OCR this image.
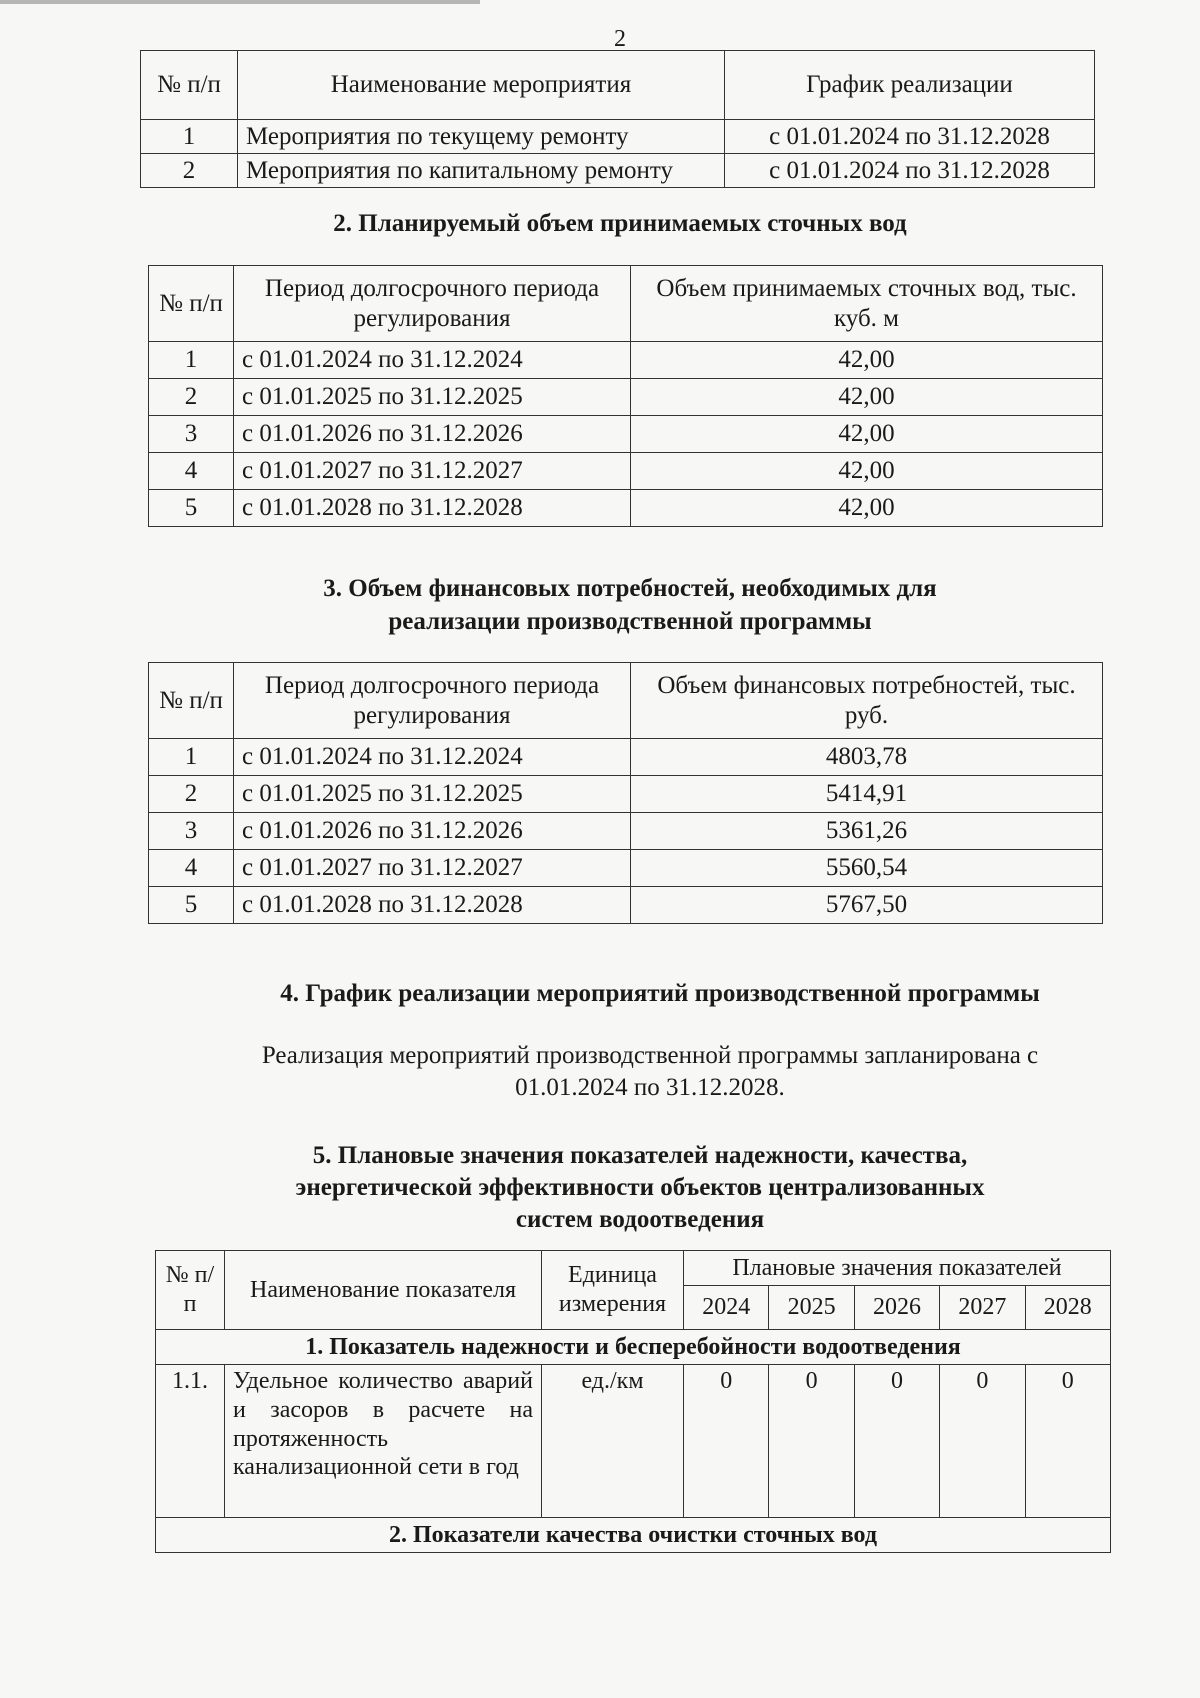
2
№ п/п	Наименование мероприятия	График реализации
1	Мероприятия по текущему ремонту	с 01.01.2024 по 31.12.2028
2	Мероприятия по капитальному ремонту	с 01.01.2024 по 31.12.2028
2. Планируемый объем принимаемых сточных вод
№ п/п	Период долгосрочного периода регулирования	Объем принимаемых сточных вод, тыс. куб. м
1	с 01.01.2024 по 31.12.2024	42,00
2	с 01.01.2025 по 31.12.2025	42,00
3	с 01.01.2026 по 31.12.2026	42,00
4	с 01.01.2027 по 31.12.2027	42,00
5	с 01.01.2028 по 31.12.2028	42,00
3. Объем финансовых потребностей, необходимых для
реализации производственной программы
№ п/п	Период долгосрочного периода регулирования	Объем финансовых потребностей, тыс. руб.
1	с 01.01.2024 по 31.12.2024	4803,78
2	с 01.01.2025 по 31.12.2025	5414,91
3	с 01.01.2026 по 31.12.2026	5361,26
4	с 01.01.2027 по 31.12.2027	5560,54
5	с 01.01.2028 по 31.12.2028	5767,50
4. График реализации мероприятий производственной программы
Реализация мероприятий производственной программы запланирована с
01.01.2024 по 31.12.2028.
5. Плановые значения показателей надежности, качества,
энергетической эффективности объектов централизованных
систем водоотведения
№ п/п	Наименование показателя	Единица измерения	Плановые значения показателей				
			2024	2025	2026	2027	2028
1. Показатель надежности и бесперебойности водоотведения							
1.1.	Удельное количество аварий и засоров в расчете на протяженность канализационной сети в год	ед./км	0	0	0	0	0
2. Показатели качества очистки сточных вод							
